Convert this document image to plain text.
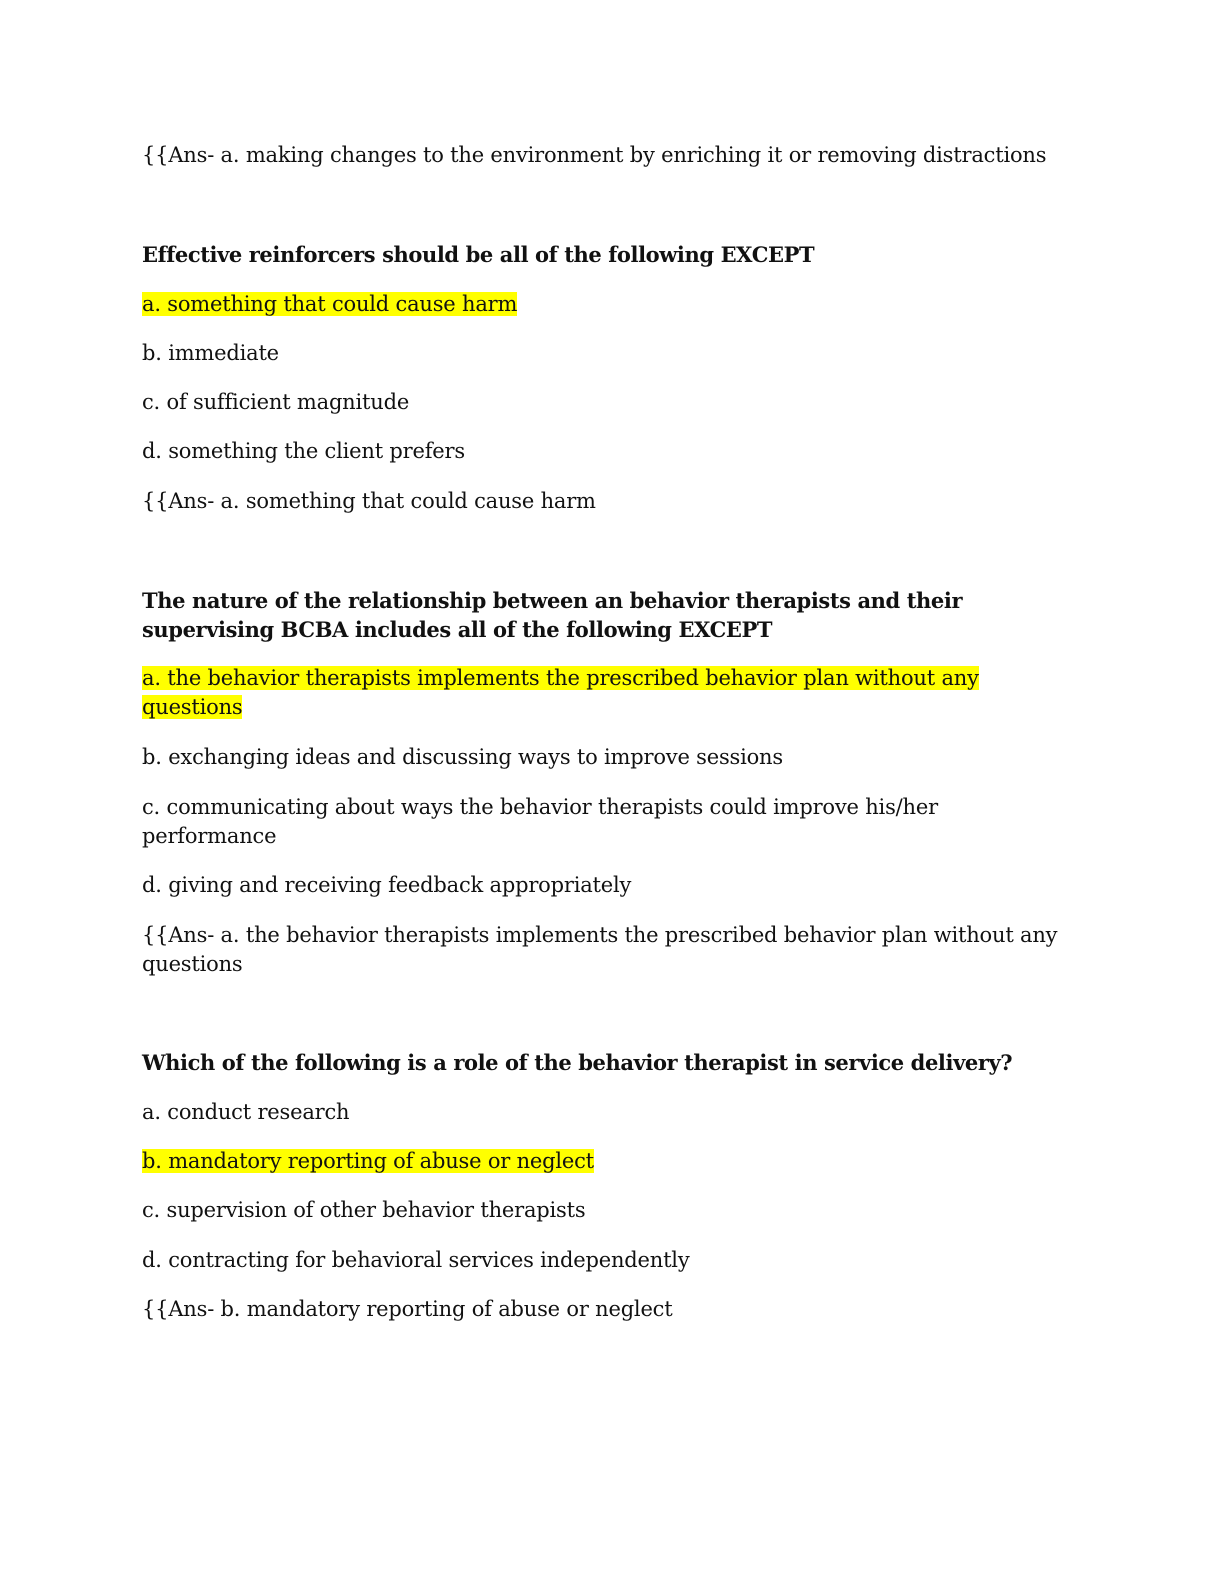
{{Ans- a. making changes to the environment by enriching it or removing distractions
Effective reinforcers should be all of the following EXCEPT
a. something that could cause harm
b. immediate
c. of sufficient magnitude
d. something the client prefers
{{Ans- a. something that could cause harm
The nature of the relationship between an behavior therapists and their supervising BCBA includes all of the following EXCEPT
a. the behavior therapists implements the prescribed behavior plan without any questions
b. exchanging ideas and discussing ways to improve sessions
c. communicating about ways the behavior therapists could improve his/her performance
d. giving and receiving feedback appropriately
{{Ans- a. the behavior therapists implements the prescribed behavior plan without any questions
Which of the following is a role of the behavior therapist in service delivery?
a. conduct research
b. mandatory reporting of abuse or neglect
c. supervision of other behavior therapists
d. contracting for behavioral services independently
{{Ans- b. mandatory reporting of abuse or neglect
